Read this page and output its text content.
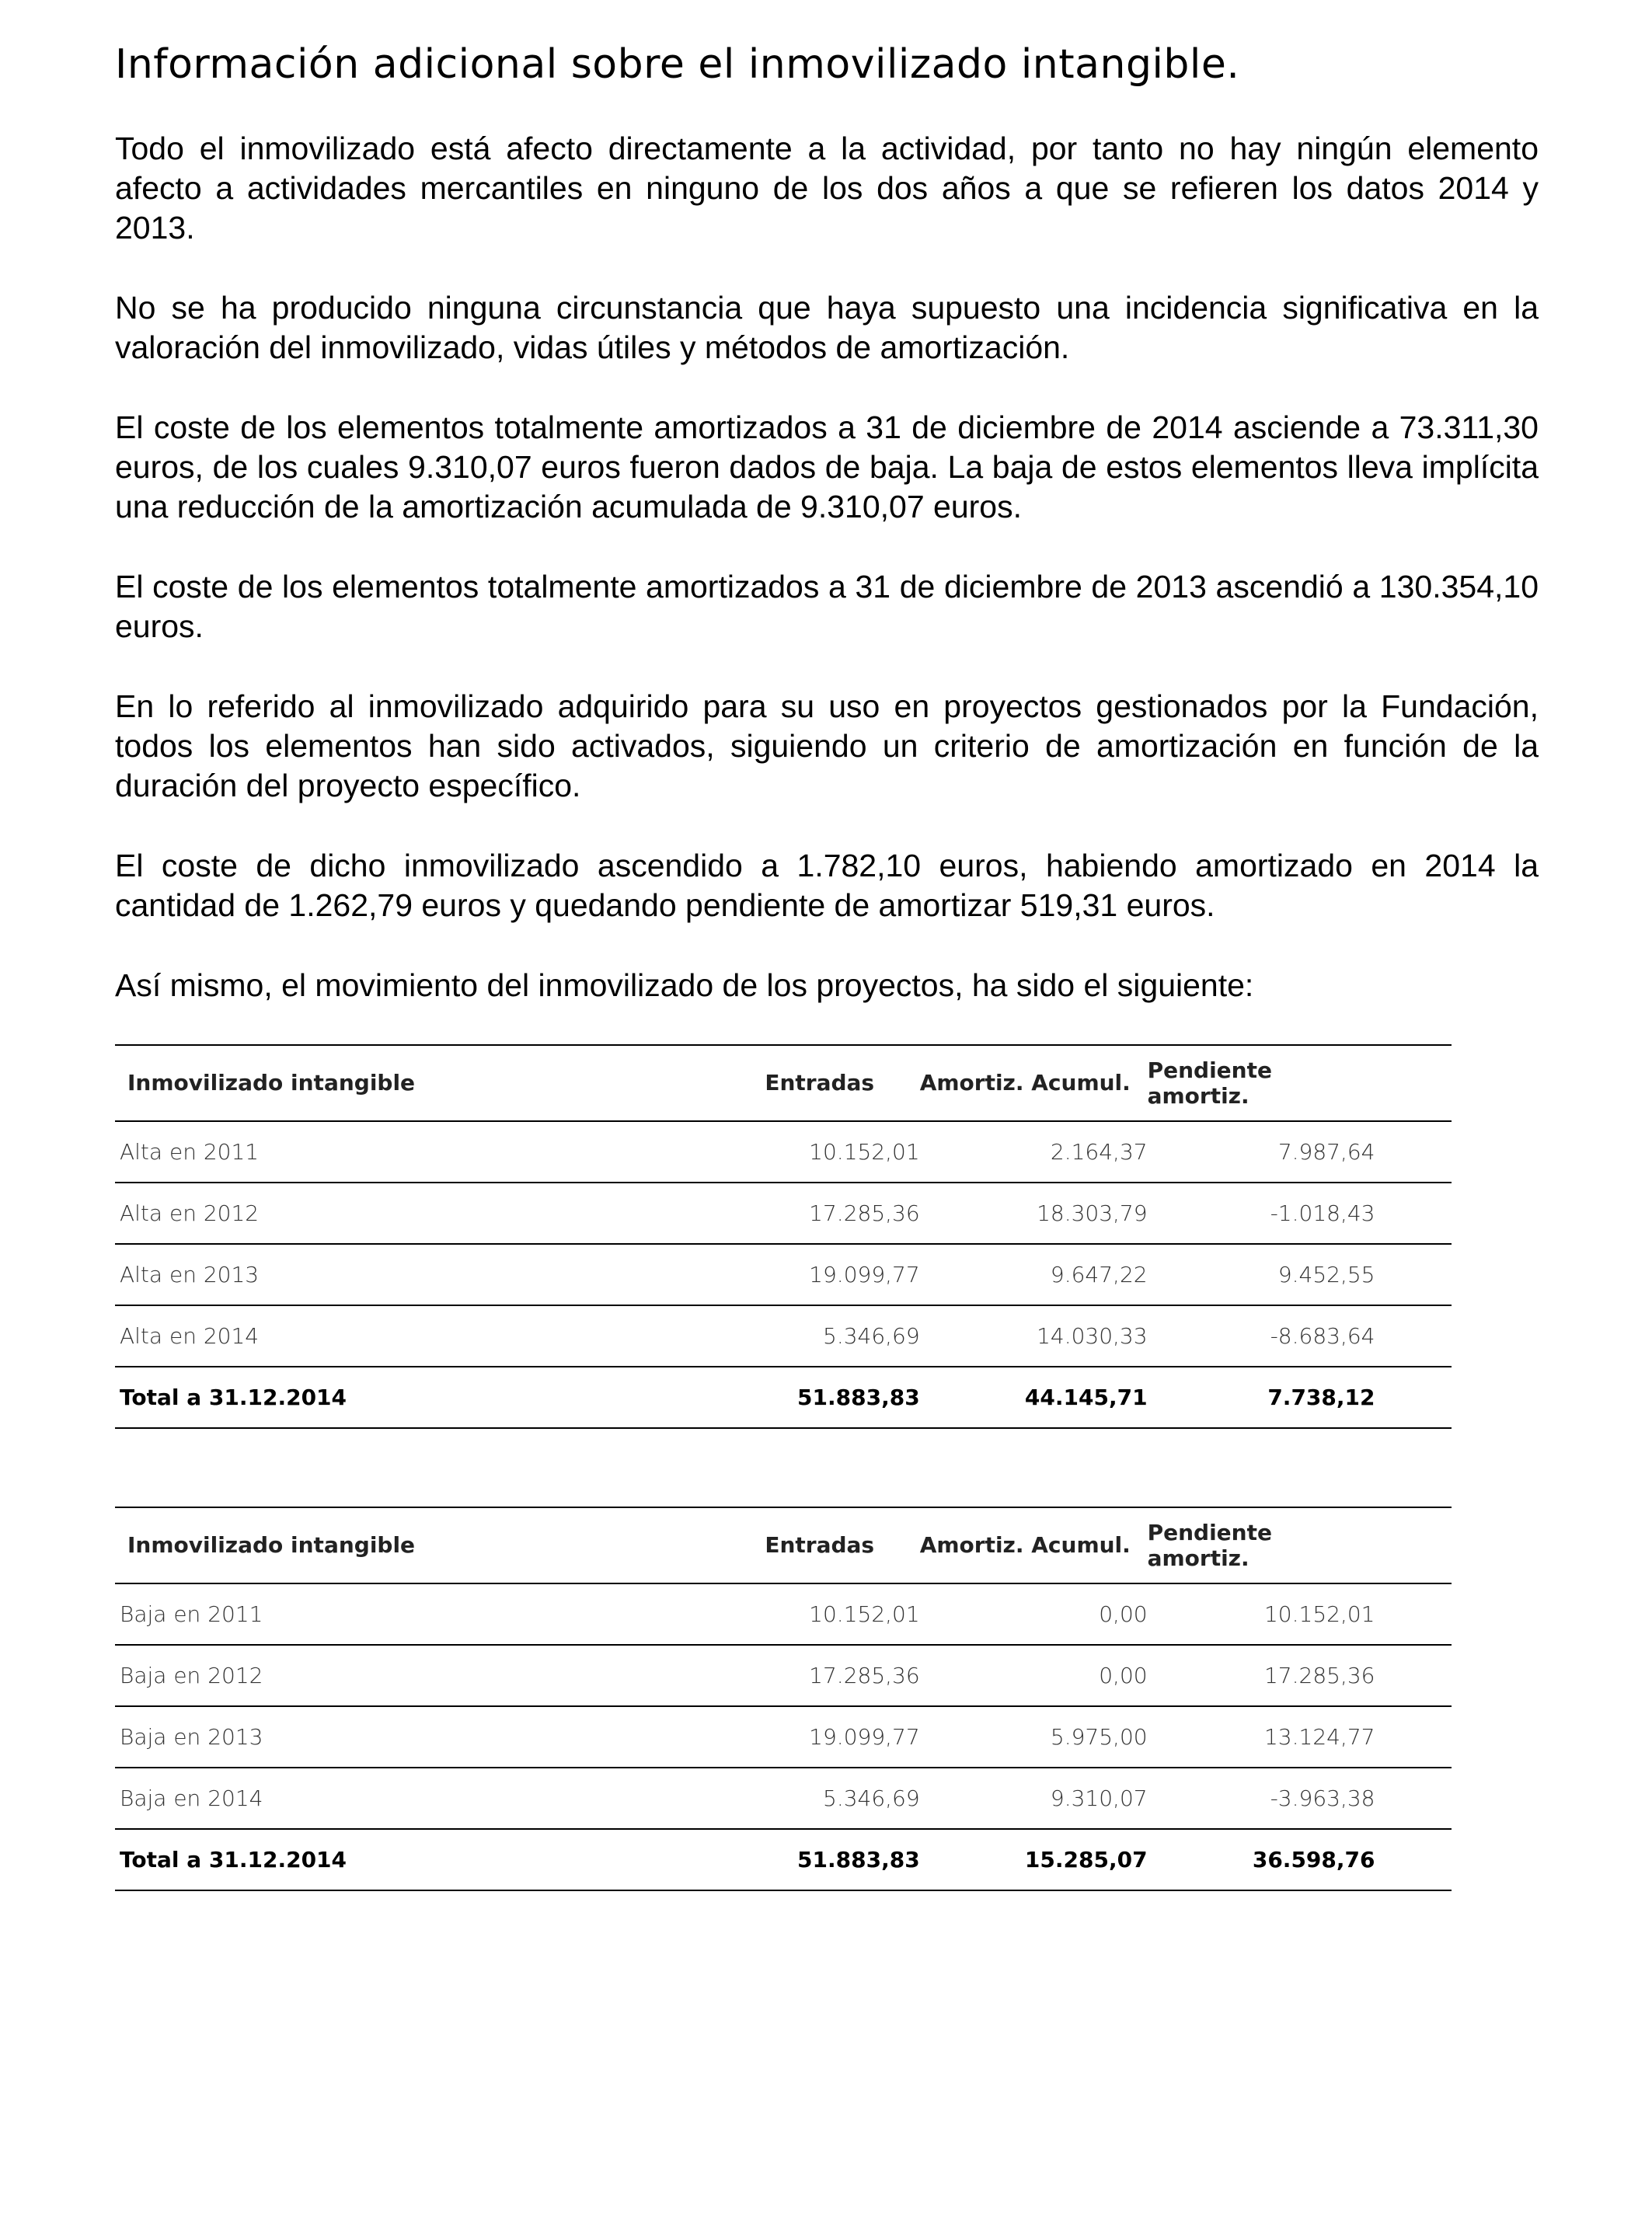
Información adicional sobre el inmovilizado intangible.

Todo el inmovilizado está afecto directamente a la actividad, por tanto no hay ningún elemento afecto a actividades mercantiles en ninguno de los dos años a que se refieren los datos 2014 y 2013.

No se ha producido ninguna circunstancia que haya supuesto una incidencia significativa en la valoración del inmovilizado, vidas útiles y métodos de amortización.

El coste de los elementos totalmente amortizados a 31 de diciembre de 2014 asciende a 73.311,30 euros, de los cuales 9.310,07 euros fueron dados de baja. La baja de estos elementos lleva implícita una reducción de la amortización acumulada de 9.310,07 euros.

El coste de los elementos totalmente amortizados a 31 de diciembre de 2013 ascendió a 130.354,10 euros.

En lo referido al inmovilizado adquirido para su uso en proyectos gestionados por la Fundación, todos los elementos han sido activados, siguiendo un criterio de amortización en función de la duración del proyecto específico.

El coste de dicho inmovilizado ascendido a 1.782,10 euros, habiendo amortizado en 2014 la cantidad de 1.262,79 euros y quedando pendiente de amortizar 519,31 euros.

Así mismo, el movimiento del inmovilizado de los proyectos, ha sido el siguiente:

Inmovilizado intangible	Entradas	Amortiz. Acumul.	Pendiente amortiz.	
Alta en 2011	10.152,01	2.164,37	7.987,64	
Alta en 2012	17.285,36	18.303,79	-1.018,43	
Alta en 2013	19.099,77	9.647,22	9.452,55	
Alta en 2014	5.346,69	14.030,33	-8.683,64	
Total a 31.12.2014	51.883,83	44.145,71	7.738,12	
Inmovilizado intangible	Entradas	Amortiz. Acumul.	Pendiente amortiz.	
Baja en 2011	10.152,01	0,00	10.152,01	
Baja en 2012	17.285,36	0,00	17.285,36	
Baja en 2013	19.099,77	5.975,00	13.124,77	
Baja en 2014	5.346,69	9.310,07	-3.963,38	
Total a 31.12.2014	51.883,83	15.285,07	36.598,76	
